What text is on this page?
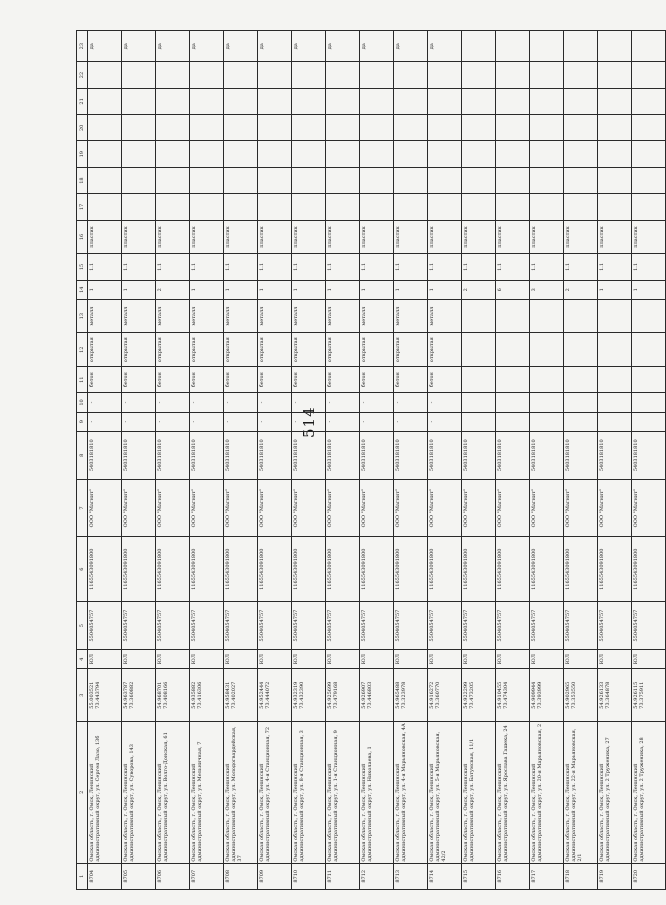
514
1	2	3	4	5	6	7	8	9	10	11	12	13	14	15	16	17	18	19	20	21	22	23
8704	Омская область, г. Омск, Ленинский административный округ, ул. Сергея Лазо, 13б	55.003521 73.443794	ЮЛ	5504054757	1165543091800	ООО "Магнит"	5403181810	-	-	бетон	открытая	металл	1	1.1	пластик							да
8705	Омская область, г. Омск, Ленинский административный округ, ул. Суворова, 143	54.963787 73.360882	ЮЛ	5504054757	1165543091800	ООО "Магнит"	5403181810	-	-	бетон	открытая	металл	1	1.1	пластик							да
8706	Омская область, г. Омск, Ленинский административный округ, ул. Волго-Донская, 61	54.968701 73.408166	ЮЛ	5504054757	1165543091800	ООО "Магнит"	5403181810	-	-	бетон	открытая	металл	2	1.1	пластик							да
8707	Омская область, г. Омск, Ленинский административный округ, ул. Мельничная, 7	54.935882 73.416306	ЮЛ	5504054757	1165543091800	ООО "Магнит"	5403181810	-	-	бетон	открытая	металл	1	1.1	пластик							да
8708	Омская область, г. Омск, Ленинский административный округ, ул. Молодогвардейская, 37	54.958431 73.402027	ЮЛ	5504054757	1165543091800	ООО "Магнит"	5403181810	-	-	бетон	открытая	металл	1	1.1	пластик							да
8709	Омская область, г. Омск, Ленинский административный округ, ул. 4-я Станционная, 72	54.952444 73.444072	ЮЛ	5504054757	1165543091800	ООО "Магнит"	5403181810	-	-	бетон	открытая	металл	1	1.1	пластик							да
8710	Омская область, г. Омск, Ленинский административный округ, ул. 8-я Станционная, 3	54.932319 73.432390	ЮЛ	5504054757	1165543091800	ООО "Магнит"	5403181810	-	-	бетон	открытая	металл	1	1.1	пластик							да
8711	Омская область, г. Омск, Ленинский административный округ, ул. 1-я Станционная, 9	54.925699 73.479168	ЮЛ	5504054757	1165543091800	ООО "Магнит"	5403181810	-	-	бетон	открытая	металл	1	1.1	пластик							да
8712	Омская область, г. Омск, Ленинский административный округ, ул. Николаева, 1	54.926907 73.446803	ЮЛ	5504054757	1165543091800	ООО "Магнит"	5403181810	-	-	бетон	открытая	металл	1	1.1	пластик							да
8713	Омская область, г. Омск, Ленинский административный округ, ул. 4-я Марьяновская, 4А	54.965488 73.323978	ЮЛ	5504054757	1165543091800	ООО "Магнит"	5403181810	-	-	бетон	открытая	металл	1	1.1	пластик							да
8714	Омская область, г. Омск, Ленинский административный округ, ул. 5-я Марьяновская, 42/2	54.916272 73.360770	ЮЛ	5504054757	1165543091800	ООО "Магнит"	5403181810	-	-	бетон	открытая	металл	1	1.1	пластик							да
8715	Омская область, г. Омск, Ленинский административный округ, ул. Батумская, 11/1	54.922299 73.473205	ЮЛ	5504054757	1165543091800	ООО "Магнит"	5403181810						2	1.1	пластик							
8716	Омская область, г. Омск, Ленинский административный округ, ул. Ярослава Гашека, 24	54.910455 73.474304	ЮЛ	5504054757	1165543091800	ООО "Магнит"	5403181810						6	1.1	пластик							
8717	Омская область, г. Омск, Ленинский административный округ, ул. 20-я Марьяновская, 2	54.909944 73.393999	ЮЛ	5504054757	1165543091800	ООО "Магнит"	5403181810						3	1.1	пластик							
8718	Омская область, г. Омск, Ленинский административный округ, ул. 22-я Марьяновская, 2/1	54.902965 73.353550	ЮЛ	5504054757	1165543091800	ООО "Магнит"	5403181810						2	1.1	пластик							
8719	Омская область, г. Омск, Ленинский административный округ, ул. 2 Труженика, 27	54.926133 73.364878	ЮЛ	5504054757	1165543091800	ООО "Магнит"	5403181810						1	1.1	пластик							
8720	Омская область, г. Омск, Ленинский административный округ, ул. 2 Труженика, 28	54.926115 73.375911	ЮЛ	5504054757	1165543091800	ООО "Магнит"	5403181810						1	1.1	пластик							
